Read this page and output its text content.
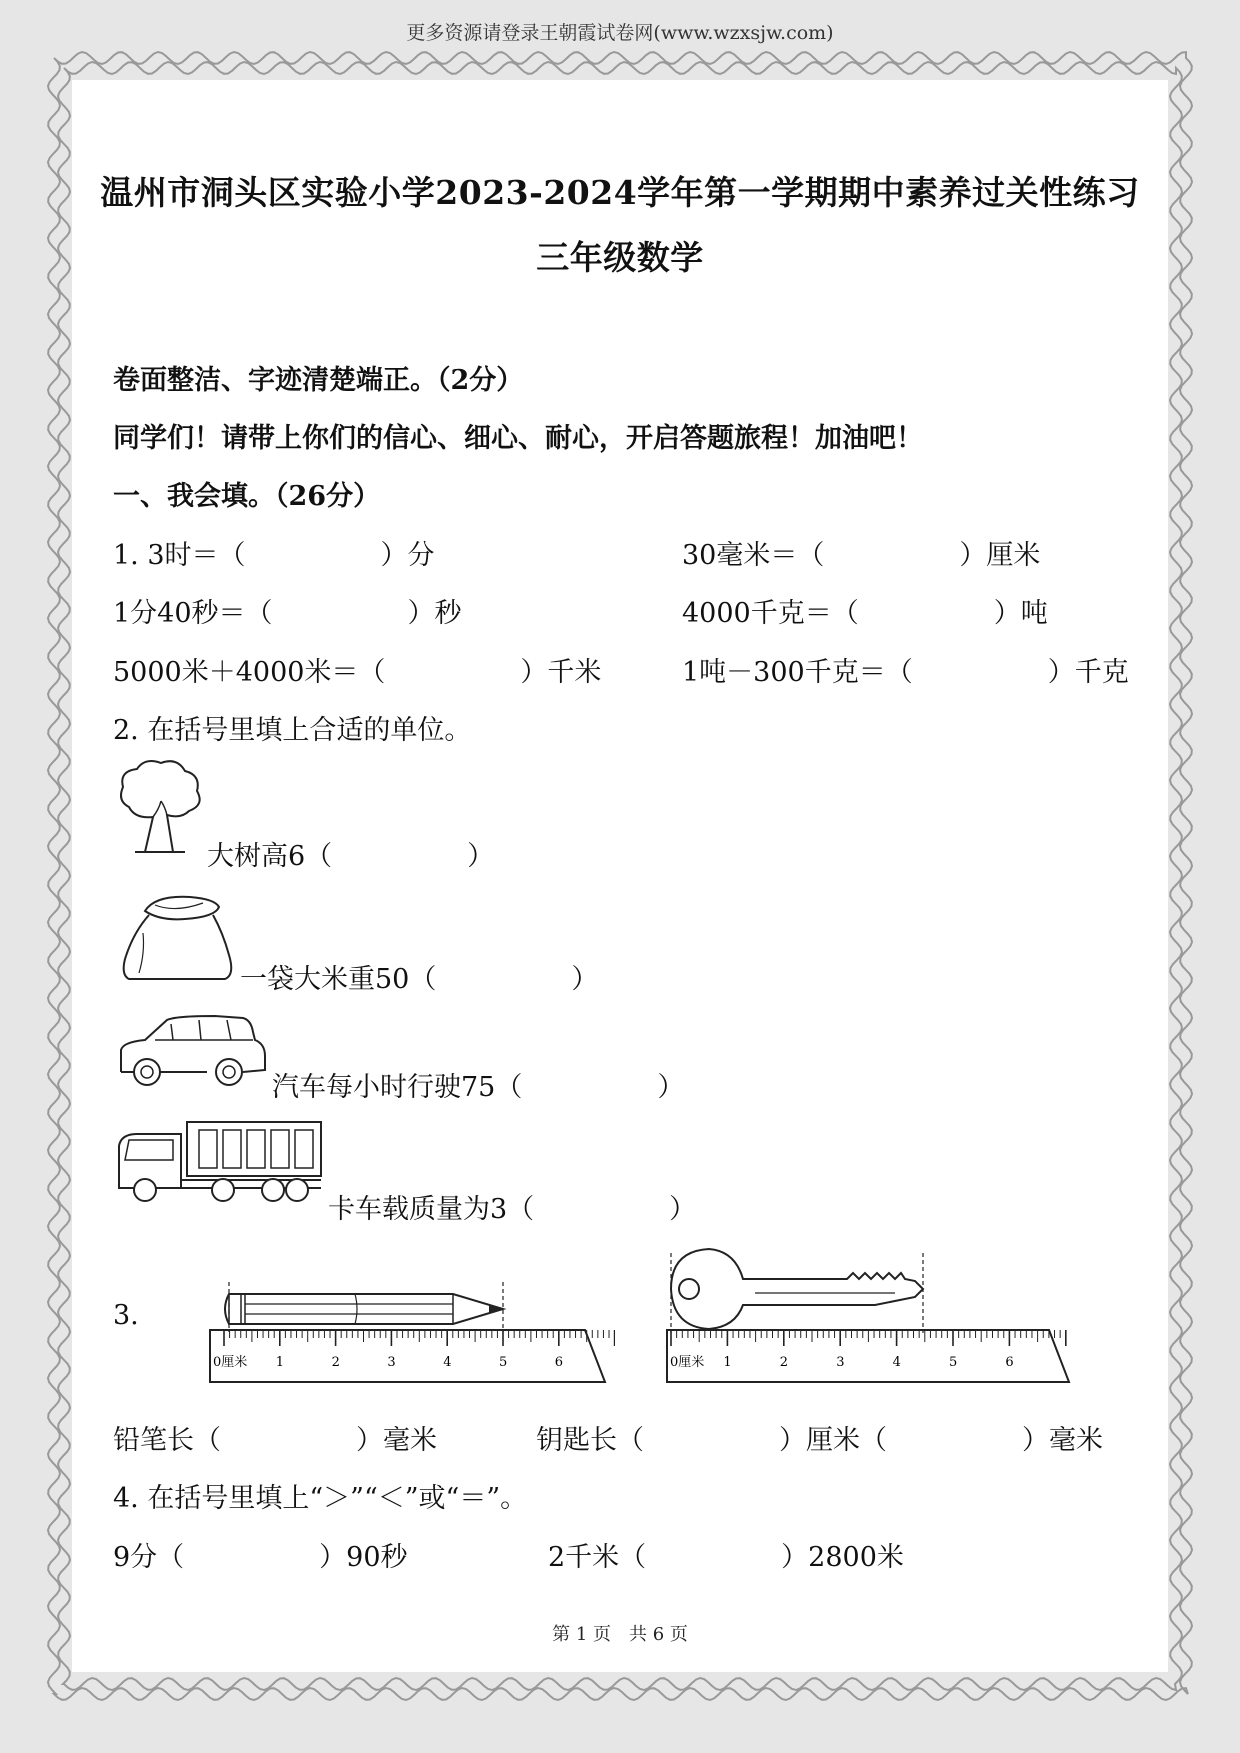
更多资源请登录王朝霞试卷网(www.wzxsjw.com)
温州市洞头区实验小学2023-2024学年第一学期期中素养过关性练习
三年级数学
卷面整洁、字迹清楚端正。（2分）
同学们！请带上你们的信心、细心、耐心，开启答题旅程！加油吧！
一、我会填。（26分）
1. 3时＝（　　　　　）分	30毫米＝（　　　　　）厘米
1分40秒＝（　　　　　）秒	4000千克＝（　　　　　）吨
5000米＋4000米＝（　　　　　）千米	1吨－300千克＝（　　　　　）千克
2. 在括号里填上合适的单位。
大树高6（　　　　　）
一袋大米重50（　　　　　）
汽车每小时行驶75（　　　　　）
卡车载质量为3（　　　　　）
3.
0厘米 1	2	3	4	5	6	0厘米 1	2	3	4	5	6
铅笔长（　　　　　）毫米	钥匙长（　　　　　）厘米（　　　　　）毫米
4. 在括号里填上“＞”“＜”或“＝”。
9分（　　　　　）90秒	2千米（　　　　　）2800米
第 1 页　共 6 页
